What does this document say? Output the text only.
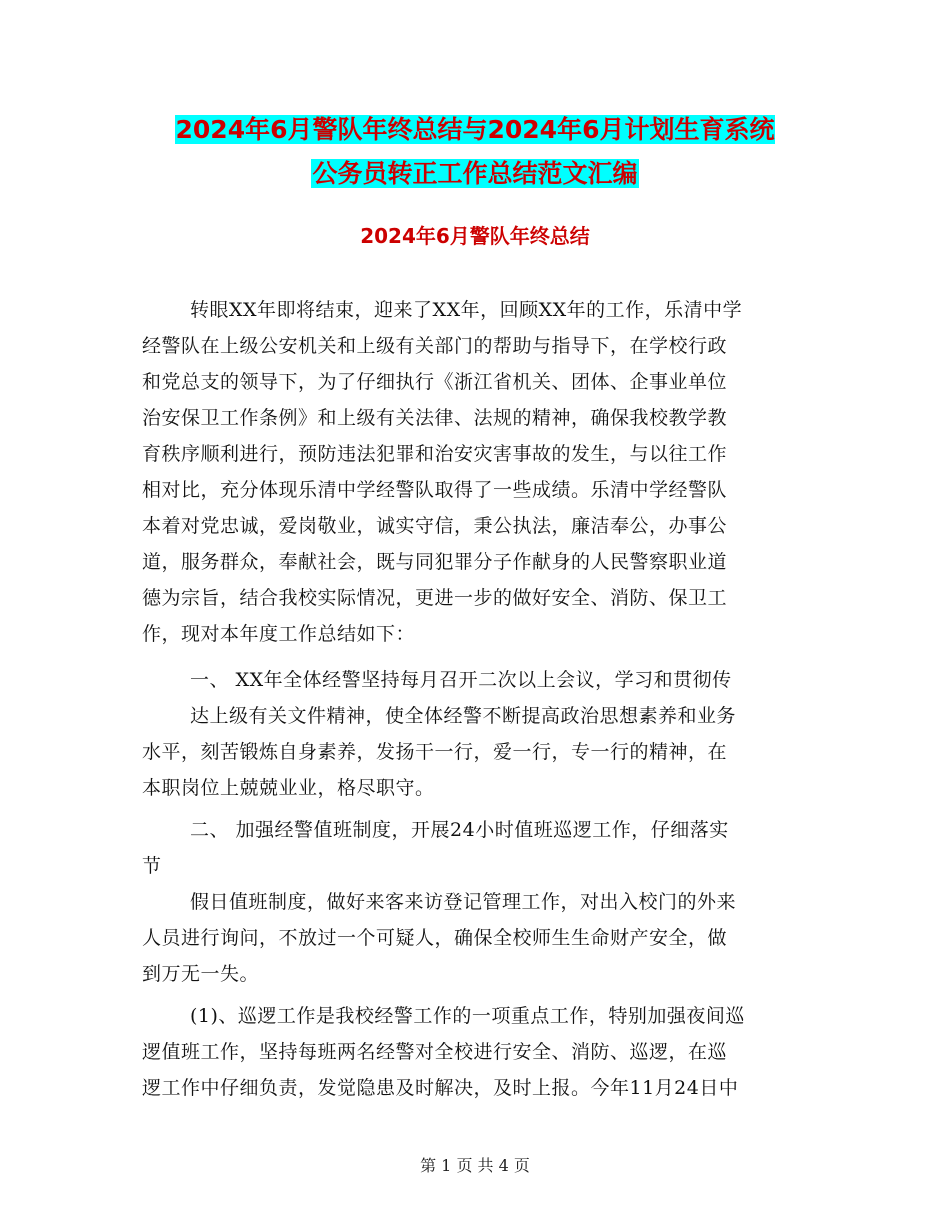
2024年6月警队年终总结与2024年6月计划生育系统
公务员转正工作总结范文汇编
2024年6月警队年终总结
转眼XX年即将结束，迎来了XX年，回顾XX年的工作，乐清中学
经警队在上级公安机关和上级有关部门的帮助与指导下，在学校行政
和党总支的领导下，为了仔细执行《浙江省机关、团体、企事业单位
治安保卫工作条例》和上级有关法律、法规的精神，确保我校教学教
育秩序顺利进行，预防违法犯罪和治安灾害事故的发生，与以往工作
相对比，充分体现乐清中学经警队取得了一些成绩。乐清中学经警队
本着对党忠诚，爱岗敬业，诚实守信，秉公执法，廉洁奉公，办事公
道，服务群众，奉献社会，既与同犯罪分子作献身的人民警察职业道
德为宗旨，结合我校实际情况，更进一步的做好安全、消防、保卫工
作，现对本年度工作总结如下：
一、 XX年全体经警坚持每月召开二次以上会议，学习和贯彻传
达上级有关文件精神，使全体经警不断提高政治思想素养和业务
水平，刻苦锻炼自身素养，发扬干一行，爱一行，专一行的精神，在
本职岗位上兢兢业业，格尽职守。
二、 加强经警值班制度，开展24小时值班巡逻工作，仔细落实
节
假日值班制度，做好来客来访登记管理工作，对出入校门的外来
人员进行询问，不放过一个可疑人，确保全校师生生命财产安全，做
到万无一失。
(1)、巡逻工作是我校经警工作的一项重点工作，特别加强夜间巡
逻值班工作，坚持每班两名经警对全校进行安全、消防、巡逻，在巡
逻工作中仔细负责，发觉隐患及时解决，及时上报。今年11月24日中
第 1 页 共 4 页
